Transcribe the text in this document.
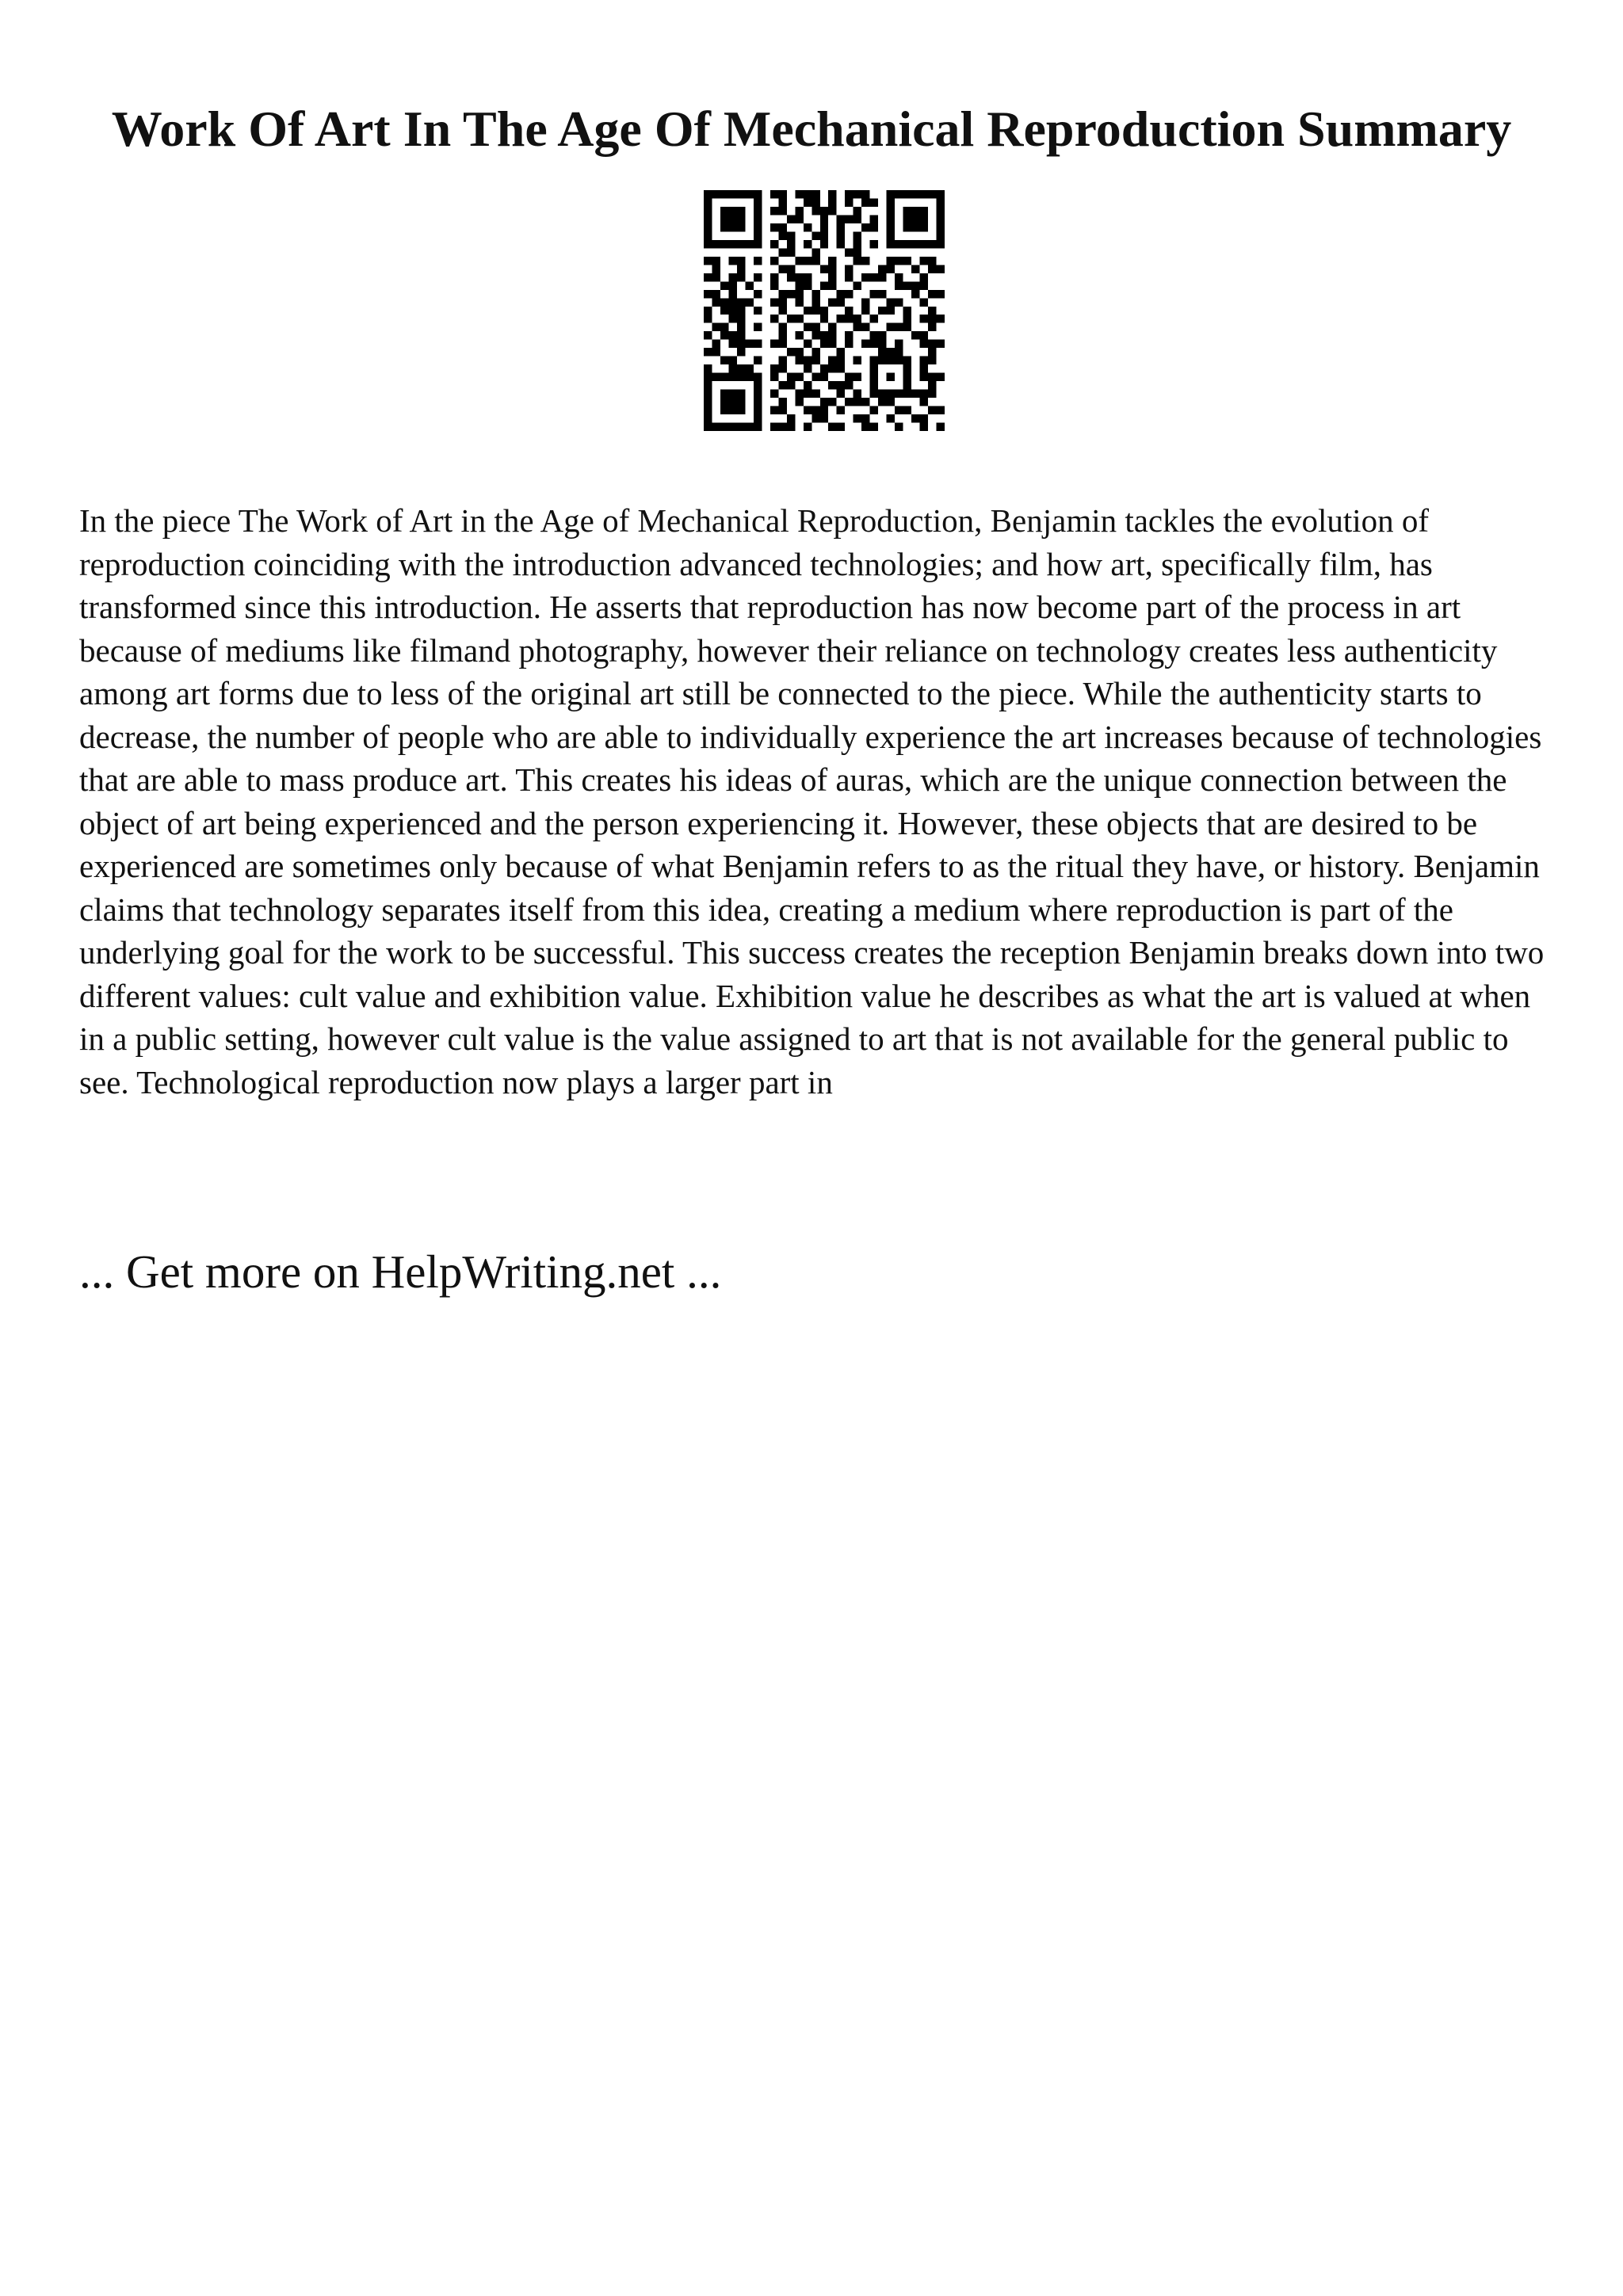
Work Of Art In The Age Of Mechanical Reproduction Summary

In the piece The Work of Art in the Age of Mechanical Reproduction, Benjamin tackles the evolution of reproduction coinciding with the introduction advanced technologies; and how art, specifically film, has transformed since this introduction. He asserts that reproduction has now become part of the process in art because of mediums like filmand photography, however their reliance on technology creates less authenticity among art forms due to less of the original art still be connected to the piece. While the authenticity starts to decrease, the number of people who are able to individually experience the art increases because of technologies that are able to mass produce art. This creates his ideas of auras, which are the unique connection between the object of art being experienced and the person experiencing it. However, these objects that are desired to be experienced are sometimes only because of what Benjamin refers to as the ritual they have, or history. Benjamin claims that technology separates itself from this idea, creating a medium where reproduction is part of the underlying goal for the work to be successful. This success creates the reception Benjamin breaks down into two different values: cult value and exhibition value. Exhibition value he describes as what the art is valued at when in a public setting, however cult value is the value assigned to art that is not available for the general public to see. Technological reproduction now plays a larger part in

... Get more on HelpWriting.net ...
